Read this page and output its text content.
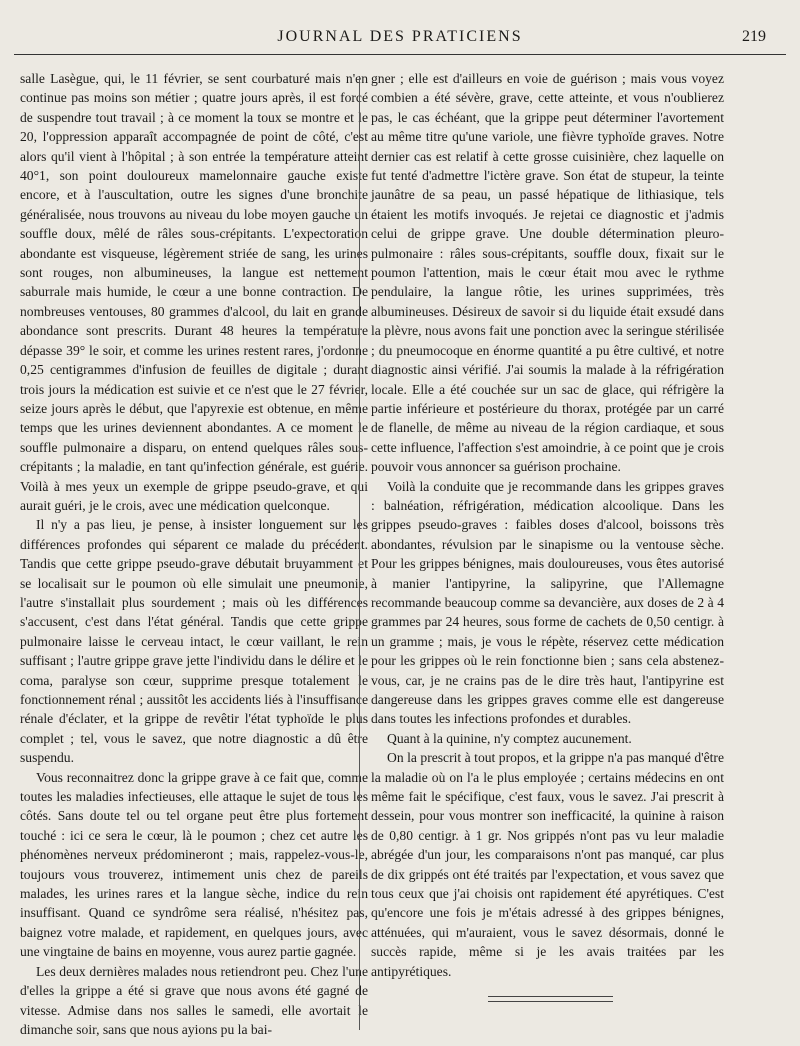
JOURNAL DES PRATICIENS	219

salle Lasègue, qui, le 11 février, se sent courbaturé mais n'en continue pas moins son métier ; quatre jours après, il est forcé de suspendre tout travail ; à ce moment la toux se montre et le 20, l'oppression apparaît accompagnée de point de côté, c'est alors qu'il vient à l'hôpital ; à son entrée la température atteint 40°1, son point douloureux mamelonnaire gauche existe encore, et à l'auscultation, outre les signes d'une bronchite généralisée, nous trouvons au niveau du lobe moyen gauche un souffle doux, mêlé de râles sous-crépitants. L'expectoration abondante est visqueuse, légèrement striée de sang, les urines sont rouges, non albumineuses, la langue est nettement saburrale mais humide, le cœur a une bonne contraction. De nombreuses ventouses, 80 grammes d'alcool, du lait en grande abondance sont prescrits. Durant 48 heures la température dépasse 39° le soir, et comme les urines restent rares, j'ordonne 0,25 centigrammes d'infusion de feuilles de digitale ; durant trois jours la médication est suivie et ce n'est que le 27 février, seize jours après le début, que l'apyrexie est obtenue, en même temps que les urines deviennent abondantes. A ce moment le souffle pulmonaire a disparu, on entend quelques râles sous-crépitants ; la maladie, en tant qu'infection générale, est guérie. Voilà à mes yeux un exemple de grippe pseudo-grave, et qui aurait guéri, je le crois, avec une médication quelconque.

Il n'y a pas lieu, je pense, à insister longuement sur les différences profondes qui séparent ce malade du précédent. Tandis que cette grippe pseudo-grave débutait bruyamment et se localisait sur le poumon où elle simulait une pneumonie, l'autre s'installait plus sourdement ; mais où les différences s'accusent, c'est dans l'état général. Tandis que cette grippe pulmonaire laisse le cerveau intact, le cœur vaillant, le rein suffisant ; l'autre grippe grave jette l'individu dans le délire et le coma, paralyse son cœur, supprime presque totalement le fonctionnement rénal ; aussitôt les accidents liés à l'insuffisance rénale d'éclater, et la grippe de revêtir l'état typhoïde le plus complet ; tel, vous le savez, que notre diagnostic a dû être suspendu.

Vous reconnaitrez donc la grippe grave à ce fait que, comme toutes les maladies infectieuses, elle attaque le sujet de tous les côtés. Sans doute tel ou tel organe peut être plus fortement touché : ici ce sera le cœur, là le poumon ; chez cet autre les phénomènes nerveux prédomineront ; mais, rappelez-vous-le, toujours vous trouverez, intimement unis chez de pareils malades, les urines rares et la langue sèche, indice du rein insuffisant. Quand ce syndrôme sera réalisé, n'hésitez pas, baignez votre malade, et rapidement, en quelques jours, avec une vingtaine de bains en moyenne, vous aurez partie gagnée.

Les deux dernières malades nous retiendront peu. Chez l'une d'elles la grippe a été si grave que nous avons été gagné de vitesse. Admise dans nos salles le samedi, elle avortait le dimanche soir, sans que nous ayions pu la bai-

gner ; elle est d'ailleurs en voie de guérison ; mais vous voyez combien a été sévère, grave, cette atteinte, et vous n'oublierez pas, le cas échéant, que la grippe peut déterminer l'avortement au même titre qu'une variole, une fièvre typhoïde graves. Notre dernier cas est relatif à cette grosse cuisinière, chez laquelle on fut tenté d'admettre l'ictère grave. Son état de stupeur, la teinte jaunâtre de sa peau, un passé hépatique de lithiasique, tels étaient les motifs invoqués. Je rejetai ce diagnostic et j'admis celui de grippe grave. Une double détermination pleuro-pulmonaire : râles sous-crépitants, souffle doux, fixait sur le poumon l'attention, mais le cœur était mou avec le rythme pendulaire, la langue rôtie, les urines supprimées, très albumineuses. Désireux de savoir si du liquide était exsudé dans la plèvre, nous avons fait une ponction avec la seringue stérilisée ; du pneumocoque en énorme quantité a pu être cultivé, et notre diagnostic ainsi vérifié. J'ai soumis la malade à la réfrigération locale. Elle a été couchée sur un sac de glace, qui réfrigère la partie inférieure et postérieure du thorax, protégée par un carré de flanelle, de même au niveau de la région cardiaque, et sous cette influence, l'affection s'est amoindrie, à ce point que je crois pouvoir vous annoncer sa guérison prochaine.

Voilà la conduite que je recommande dans les grippes graves : balnéation, réfrigération, médication alcoolique. Dans les grippes pseudo-graves : faibles doses d'alcool, boissons très abondantes, révulsion par le sinapisme ou la ventouse sèche. Pour les grippes bénignes, mais douloureuses, vous êtes autorisé à manier l'antipyrine, la salipyrine, que l'Allemagne recommande beaucoup comme sa devancière, aux doses de 2 à 4 grammes par 24 heures, sous forme de cachets de 0,50 centigr. à un gramme ; mais, je vous le répète, réservez cette médication pour les grippes où le rein fonctionne bien ; sans cela abstenez-vous, car, je ne crains pas de le dire très haut, l'antipyrine est dangereuse dans les grippes graves comme elle est dangereuse dans toutes les infections profondes et durables.

Quant à la quinine, n'y comptez aucunement.

On la prescrit à tout propos, et la grippe n'a pas manqué d'être la maladie où on l'a le plus employée ; certains médecins en ont même fait le spécifique, c'est faux, vous le savez. J'ai prescrit à dessein, pour vous montrer son inefficacité, la quinine à raison de 0,80 centigr. à 1 gr. Nos grippés n'ont pas vu leur maladie abrégée d'un jour, les comparaisons n'ont pas manqué, car plus de dix grippés ont été traités par l'expectation, et vous savez que tous ceux que j'ai choisis ont rapidement été apyrétiques. C'est qu'encore une fois je m'étais adressé à des grippes bénignes, atténuées, qui m'auraient, vous le savez désormais, donné le succès rapide, même si je les avais traitées par les antipyrétiques.
